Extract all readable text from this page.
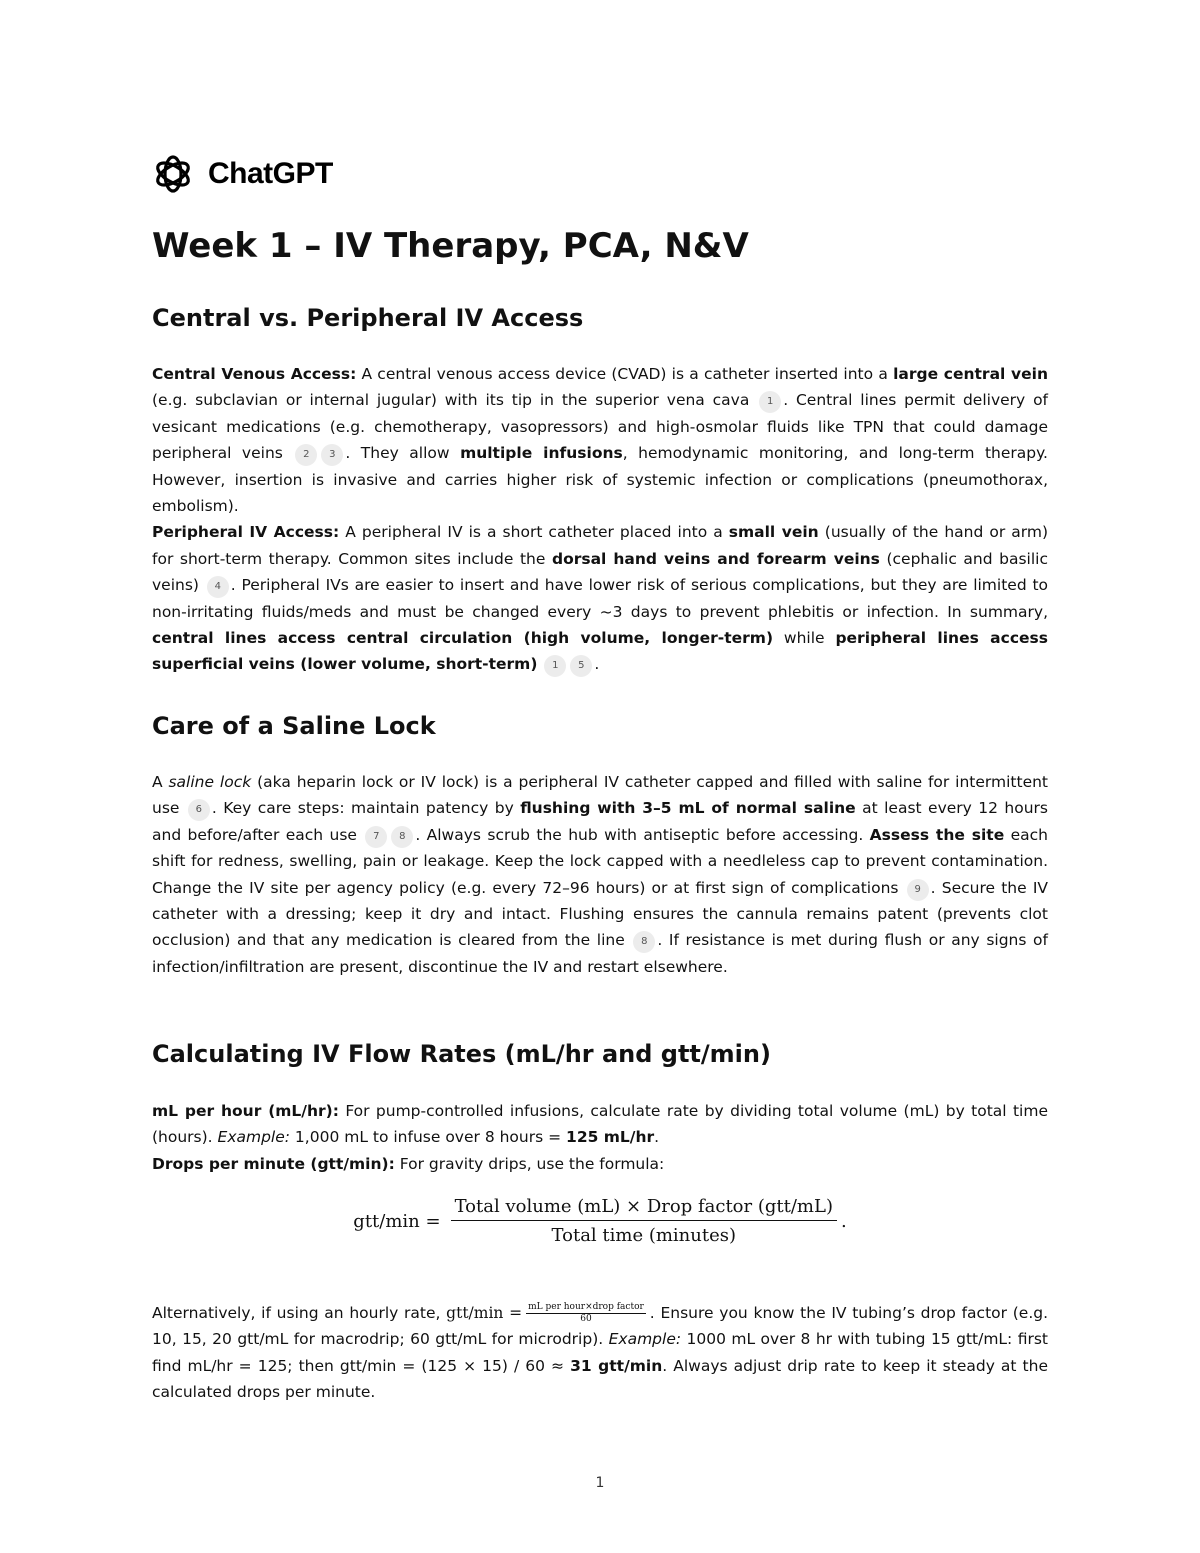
ChatGPT
Week 1 – IV Therapy, PCA, N&V
Central vs. Peripheral IV Access

Central Venous Access: A central venous access device (CVAD) is a catheter inserted into a large central vein (e.g. subclavian or internal jugular) with its tip in the superior vena cava 1 . Central lines permit delivery of vesicant medications (e.g. chemotherapy, vasopressors) and high-osmolar fluids like TPN that could damage peripheral veins 2 3 . They allow multiple infusions, hemodynamic monitoring, and long-term therapy. However, insertion is invasive and carries higher risk of systemic infection or complications (pneumothorax, embolism).
Peripheral IV Access: A peripheral IV is a short catheter placed into a small vein (usually of the hand or arm) for short-term therapy. Common sites include the dorsal hand veins and forearm veins (cephalic and basilic veins) 4 . Peripheral IVs are easier to insert and have lower risk of serious complications, but they are limited to non-irritating fluids/meds and must be changed every ~3 days to prevent phlebitis or infection. In summary, central lines access central circulation (high volume, longer-term) while peripheral lines access superficial veins (lower volume, short-term) 1 5 .

Care of a Saline Lock

A saline lock (aka heparin lock or IV lock) is a peripheral IV catheter capped and filled with saline for intermittent use 6 . Key care steps: maintain patency by flushing with 3–5 mL of normal saline at least every 12 hours and before/after each use 7 8 . Always scrub the hub with antiseptic before accessing. Assess the site each shift for redness, swelling, pain or leakage. Keep the lock capped with a needleless cap to prevent contamination. Change the IV site per agency policy (e.g. every 72–96 hours) or at first sign of complications 9 . Secure the IV catheter with a dressing; keep it dry and intact. Flushing ensures the cannula remains patent (prevents clot occlusion) and that any medication is cleared from the line 8 . If resistance is met during flush or any signs of infection/infiltration are present, discontinue the IV and restart elsewhere.

Calculating IV Flow Rates (mL/hr and gtt/min)

mL per hour (mL/hr): For pump-controlled infusions, calculate rate by dividing total volume (mL) by total time (hours). Example: 1,000 mL to infuse over 8 hours = 125 mL/hr.
Drops per minute (gtt/min): For gravity drips, use the formula:

$gtt/\min = \frac{\text{Total volume (mL) × Drop factor (gtt/mL)}}{\text{Total time (minutes)}}$ .

Alternatively, if using an hourly rate, $gtt/\min = \frac{\text{mL per hour×drop factor}}{60}$ . Ensure you know the IV tubing’s drop factor (e.g. 10, 15, 20 gtt/mL for macrodrip; 60 gtt/mL for microdrip). Example: 1000 mL over 8 hr with tubing 15 gtt/mL: first find mL/hr = 125; then gtt/min = (125 × 15) / 60 ≈ 31 gtt/min. Always adjust drip rate to keep it steady at the calculated drops per minute.

1
